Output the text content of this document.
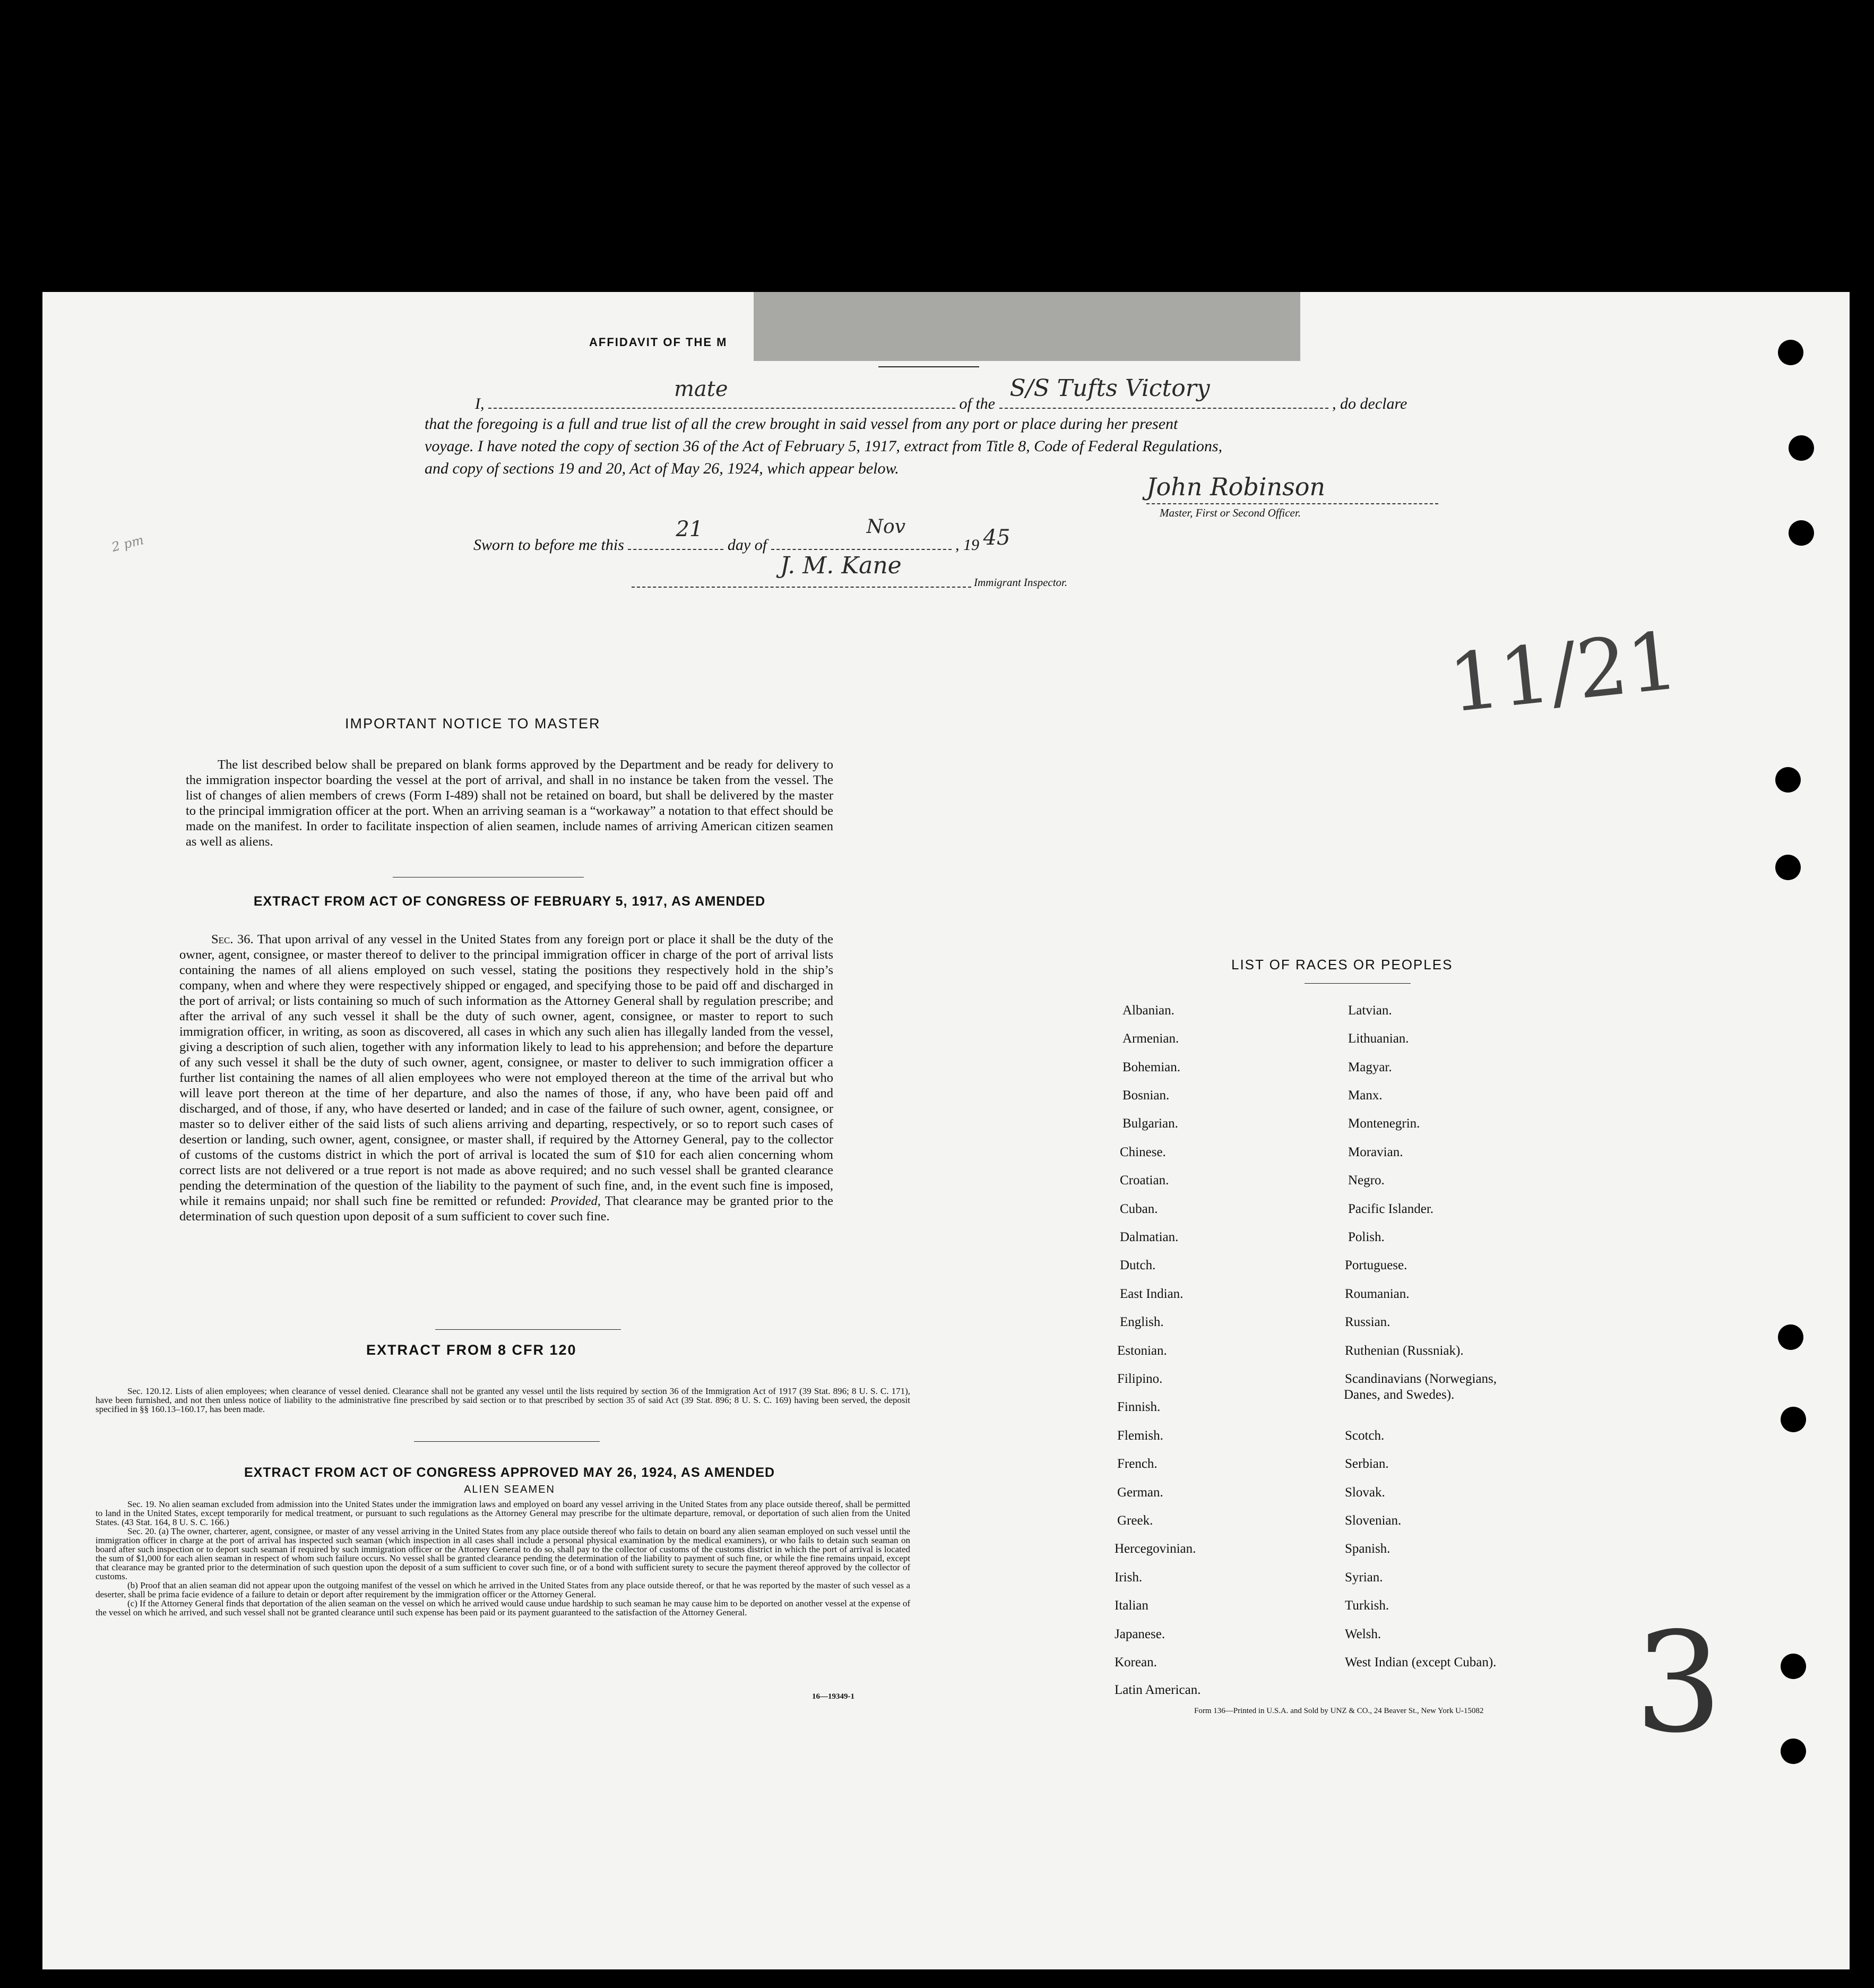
AFFIDAVIT OF THE M
I,
mate
of the
S/S Tufts Victory
, do declare
that the foregoing is a full and true list of all the crew brought in said vessel from any port or place during her present
voyage. I have noted the copy of section 36 of the Act of February 5, 1917, extract from Title 8, Code of Federal Regulations,
and copy of sections 19 and 20, Act of May 26, 1924, which appear below.
John Robinson
Master, First or Second Officer.
Sworn to before me this
21
day of
Nov
, 19 45
J. M. Kane
Immigrant Inspector.
2 pm
11/21
IMPORTANT NOTICE TO MASTER
The list described below shall be prepared on blank forms approved by the Department and be ready for delivery to the immigration inspector boarding the vessel at the port of arrival, and shall in no instance be taken from the vessel. The list of changes of alien members of crews (Form I-489) shall not be retained on board, but shall be delivered by the master to the principal immigration officer at the port. When an arriving seaman is a “workaway” a notation to that effect should be made on the manifest. In order to facilitate inspection of alien seamen, include names of arriving American citizen seamen as well as aliens.
EXTRACT FROM ACT OF CONGRESS OF FEBRUARY 5, 1917, AS AMENDED
Sec. 36. That upon arrival of any vessel in the United States from any foreign port or place it shall be the duty of the owner, agent, consignee, or master thereof to deliver to the principal immigration officer in charge of the port of arrival lists containing the names of all aliens employed on such vessel, stating the positions they respectively hold in the ship’s company, when and where they were respectively shipped or engaged, and specifying those to be paid off and discharged in the port of arrival; or lists containing so much of such information as the Attorney General shall by regulation prescribe; and after the arrival of any such vessel it shall be the duty of such owner, agent, consignee, or master to report to such immigration officer, in writing, as soon as discovered, all cases in which any such alien has illegally landed from the vessel, giving a description of such alien, together with any information likely to lead to his apprehension; and before the departure of any such vessel it shall be the duty of such owner, agent, consignee, or master to deliver to such immigration officer a further list containing the names of all alien employees who were not employed thereon at the time of the arrival but who will leave port thereon at the time of her departure, and also the names of those, if any, who have been paid off and discharged, and of those, if any, who have deserted or landed; and in case of the failure of such owner, agent, consignee, or master so to deliver either of the said lists of such aliens arriving and departing, respectively, or so to report such cases of desertion or landing, such owner, agent, consignee, or master shall, if required by the Attorney General, pay to the collector of customs of the customs district in which the port of arrival is located the sum of $10 for each alien concerning whom correct lists are not delivered or a true report is not made as above required; and no such vessel shall be granted clearance pending the determination of the question of the liability to the payment of such fine, and, in the event such fine is imposed, while it remains unpaid; nor shall such fine be remitted or refunded: Provided, That clearance may be granted prior to the determination of such question upon deposit of a sum sufficient to cover such fine.
EXTRACT FROM 8 CFR 120
Sec. 120.12. Lists of alien employees; when clearance of vessel denied. Clearance shall not be granted any vessel until the lists required by section 36 of the Immigration Act of 1917 (39 Stat. 896; 8 U. S. C. 171), have been furnished, and not then unless notice of liability to the administrative fine prescribed by said section or to that prescribed by section 35 of said Act (39 Stat. 896; 8 U. S. C. 169) having been served, the deposit specified in §§ 160.13–160.17, has been made.
EXTRACT FROM ACT OF CONGRESS APPROVED MAY 26, 1924, AS AMENDED
ALIEN SEAMEN
Sec. 19. No alien seaman excluded from admission into the United States under the immigration laws and employed on board any vessel arriving in the United States from any place outside thereof, shall be permitted to land in the United States, except temporarily for medical treatment, or pursuant to such regulations as the Attorney General may prescribe for the ultimate departure, removal, or deportation of such alien from the United States. (43 Stat. 164, 8 U. S. C. 166.)
Sec. 20. (a) The owner, charterer, agent, consignee, or master of any vessel arriving in the United States from any place outside thereof who fails to detain on board any alien seaman employed on such vessel until the immigration officer in charge at the port of arrival has inspected such seaman (which inspection in all cases shall include a personal physical examination by the medical examiners), or who fails to detain such seaman on board after such inspection or to deport such seaman if required by such immigration officer or the Attorney General to do so, shall pay to the collector of customs of the customs district in which the port of arrival is located the sum of $1,000 for each alien seaman in respect of whom such failure occurs. No vessel shall be granted clearance pending the determination of the liability to payment of such fine, or while the fine remains unpaid, except that clearance may be granted prior to the determination of such question upon the deposit of a sum sufficient to cover such fine, or of a bond with sufficient surety to secure the payment thereof approved by the collector of customs.
(b) Proof that an alien seaman did not appear upon the outgoing manifest of the vessel on which he arrived in the United States from any place outside thereof, or that he was reported by the master of such vessel as a deserter, shall be prima facie evidence of a failure to detain or deport after requirement by the immigration officer or the Attorney General.
(c) If the Attorney General finds that deportation of the alien seaman on the vessel on which he arrived would cause undue hardship to such seaman he may cause him to be deported on another vessel at the expense of the vessel on which he arrived, and such vessel shall not be granted clearance until such expense has been paid or its payment guaranteed to the satisfaction of the Attorney General.
16—19349-1
LIST OF RACES OR PEOPLES
Albanian.
Armenian.
Bohemian.
Bosnian.
Bulgarian.
Chinese.
Croatian.
Cuban.
Dalmatian.
Dutch.
East Indian.
English.
Estonian.
Filipino.
Finnish.
Flemish.
French.
German.
Greek.
Hercegovinian.
Irish.
Italian
Japanese.
Korean.
Latin American.
Latvian.
Lithuanian.
Magyar.
Manx.
Montenegrin.
Moravian.
Negro.
Pacific Islander.
Polish.
Portuguese.
Roumanian.
Russian.
Ruthenian (Russniak).
Scandinavians (Norwegians,
Danes, and Swedes).
Scotch.
Serbian.
Slovak.
Slovenian.
Spanish.
Syrian.
Turkish.
Welsh.
West Indian (except Cuban).
Form 136—Printed in U.S.A. and Sold by UNZ & CO., 24 Beaver St., New York U-15082 3
